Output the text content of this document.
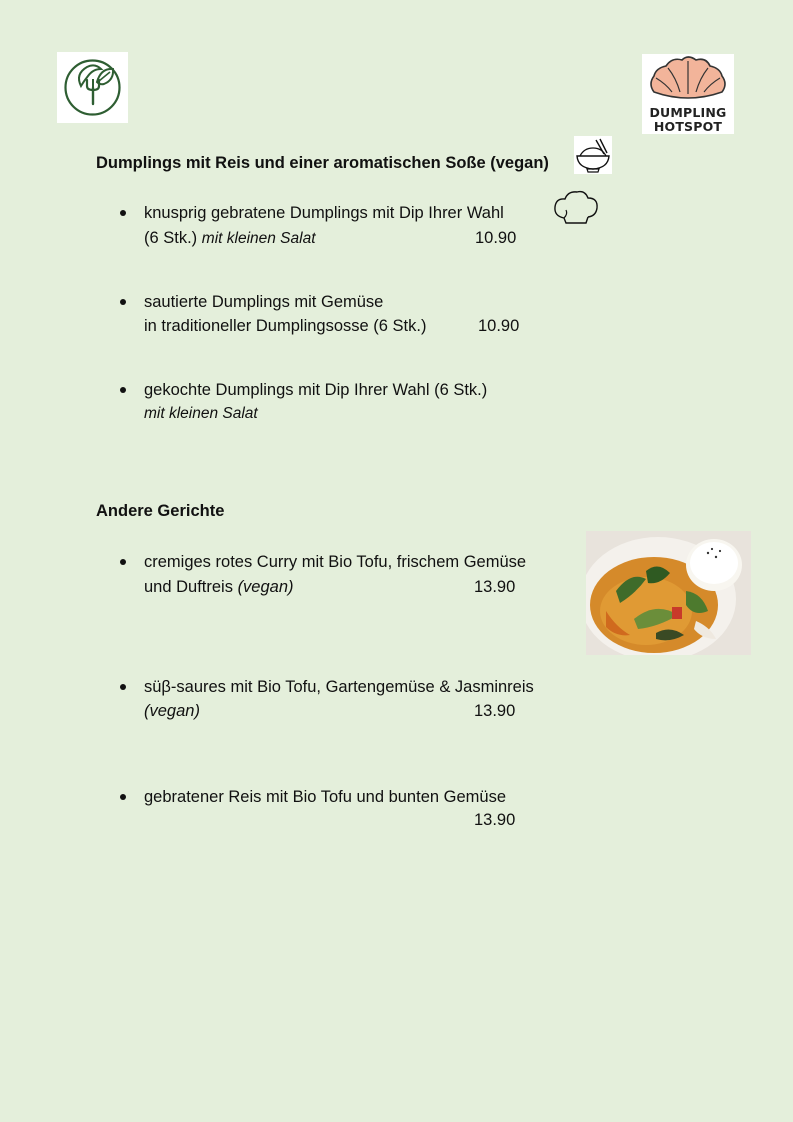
DUMPLING
HOTSPOT
Dumplings mit Reis und einer aromatischen Soße (vegan)
knusprig gebratene Dumplings mit Dip Ihrer Wahl
(6 Stk.) mit kleinen Salat	10.90
sautierte Dumplings mit Gemüse
in traditioneller Dumplingsosse (6 Stk.)	10.90
gekochte Dumplings mit Dip Ihrer Wahl (6 Stk.)
mit kleinen Salat
Andere Gerichte
cremiges rotes Curry mit Bio Tofu, frischem Gemüse
und Duftreis (vegan)	13.90
süβ-saures mit Bio Tofu, Gartengemüse & Jasminreis
(vegan)	13.90
gebratener Reis mit Bio Tofu und bunten Gemüse
13.90
